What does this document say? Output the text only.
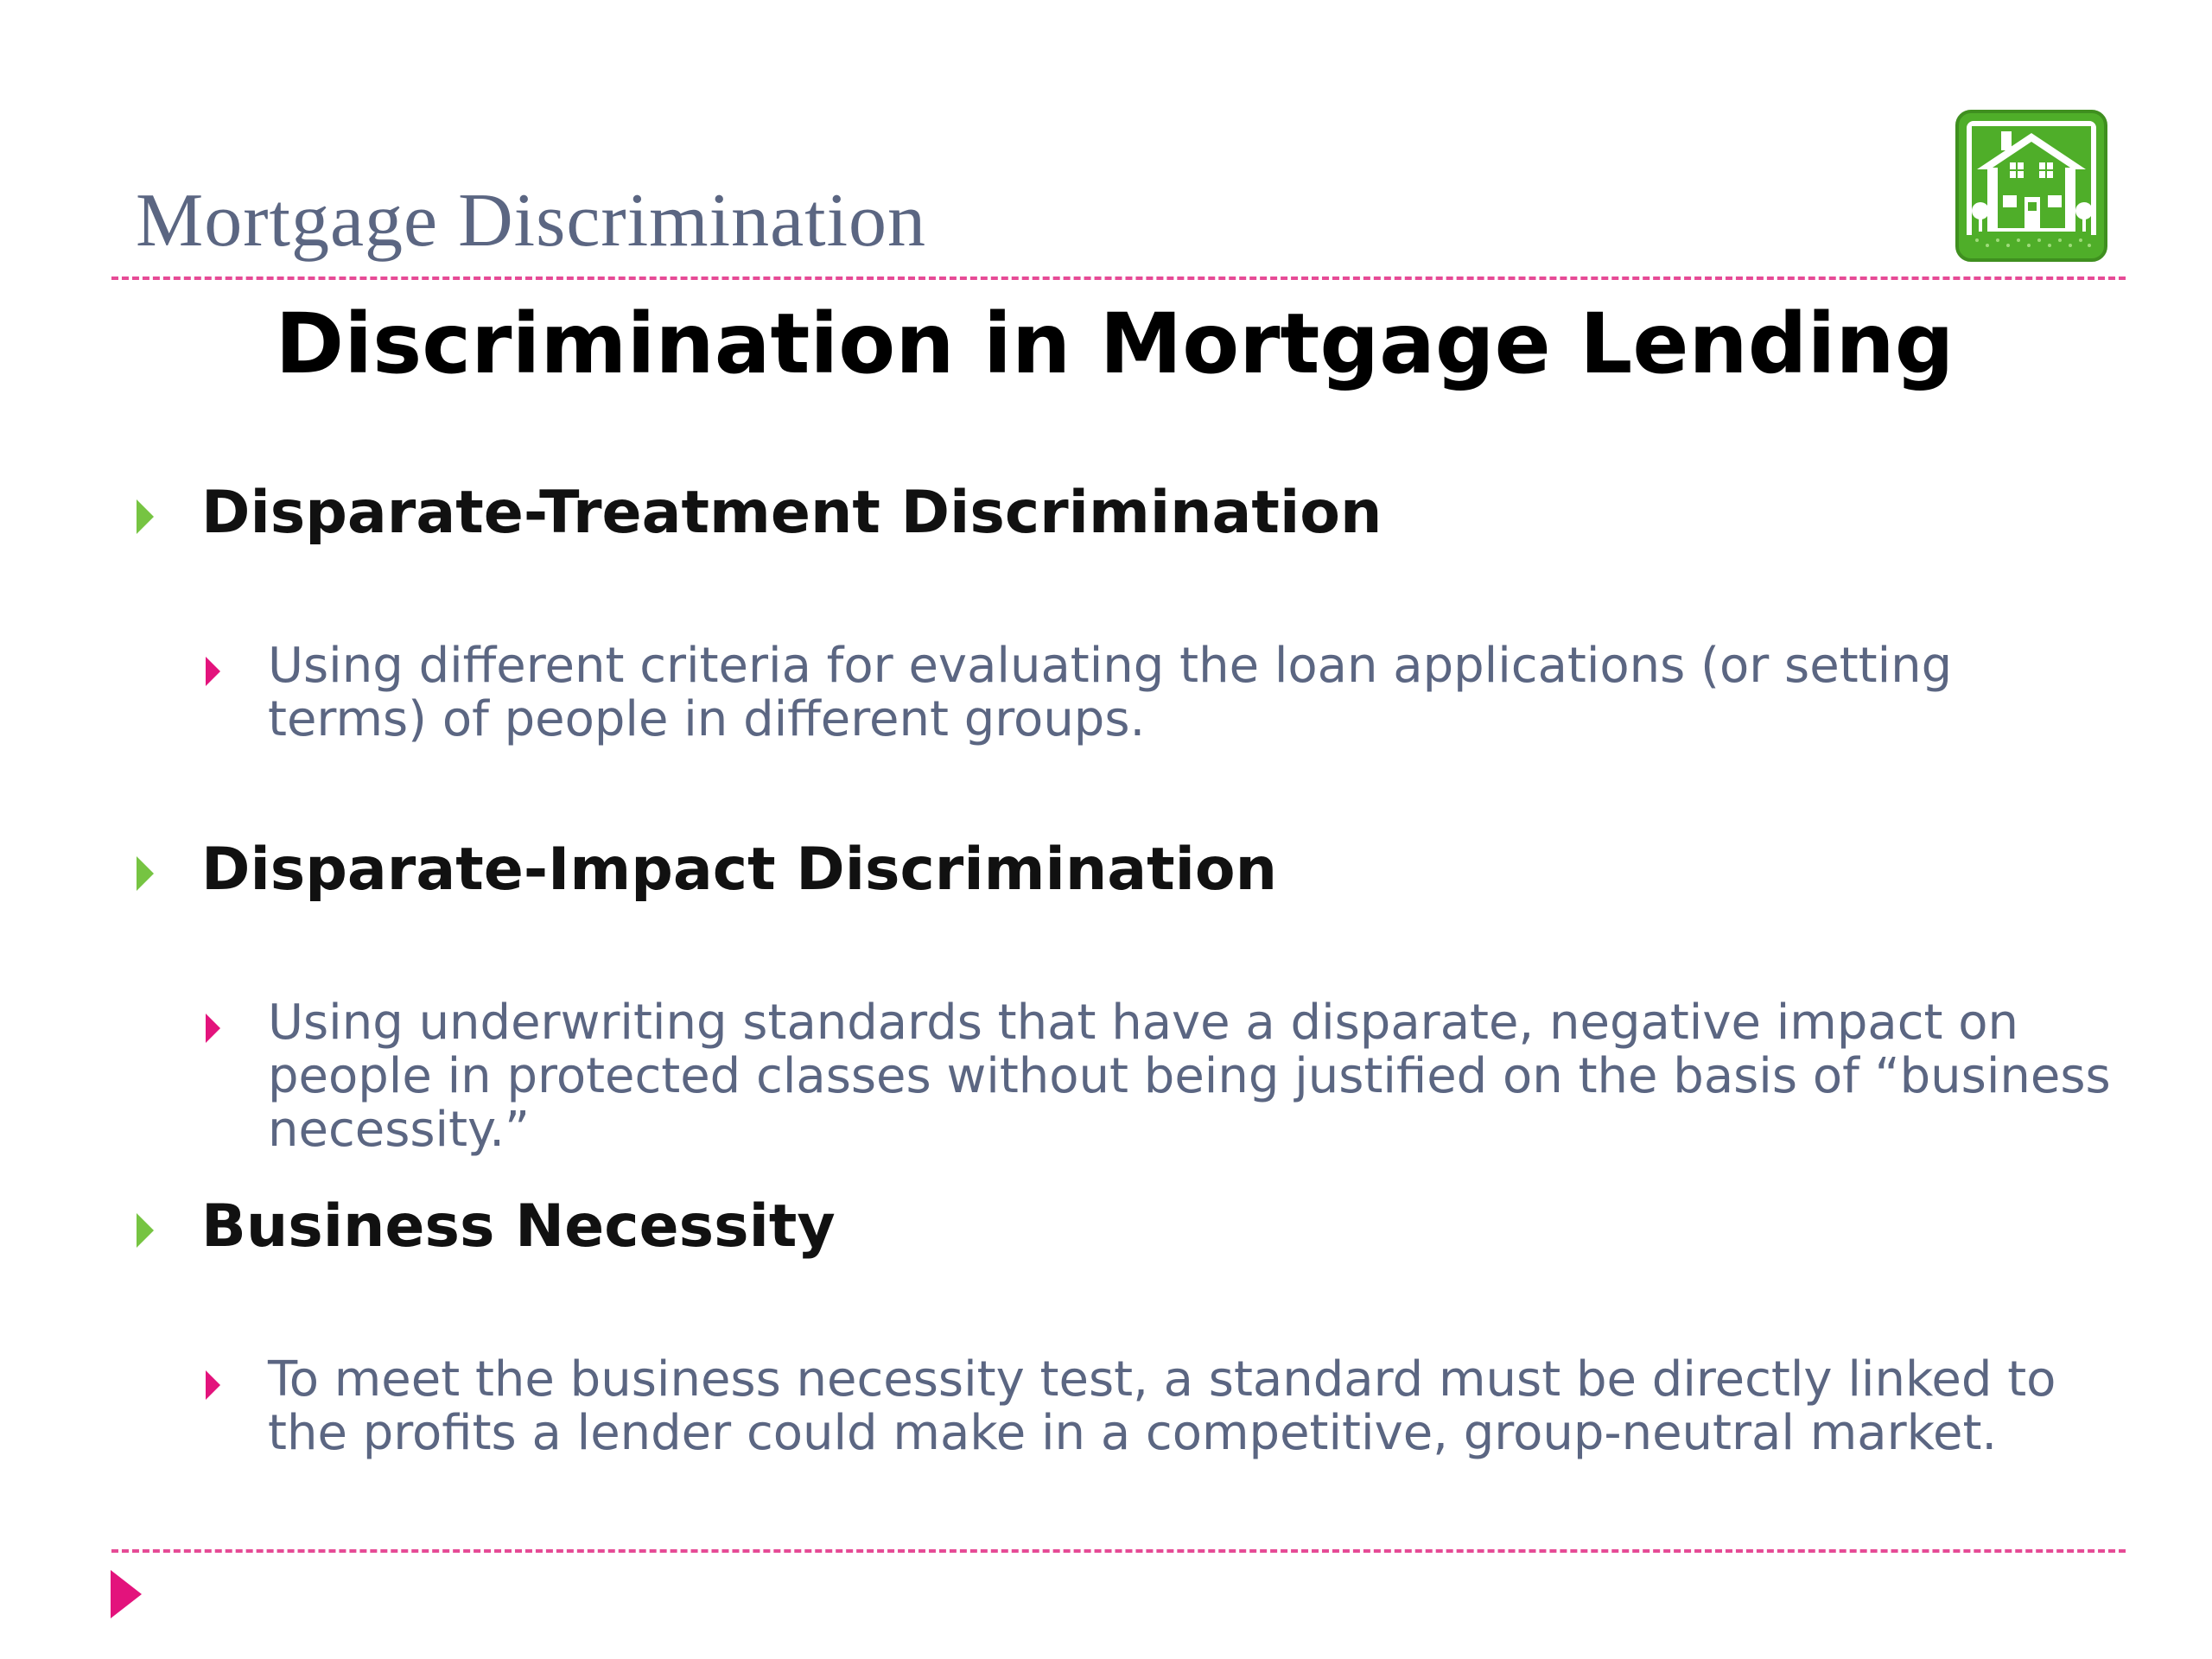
Mortgage Discrimination
Discrimination in Mortgage Lending
Disparate-Treatment Discrimination
Using different criteria for evaluating the loan applications (or setting terms) of people in different groups.
Disparate-Impact Discrimination
Using underwriting standards that have a disparate, negative impact on people in protected classes without being justified on the basis of “business necessity.”
Business Necessity
To meet the business necessity test, a standard must be directly linked to the profits a lender could make in a competitive, group-neutral market.
